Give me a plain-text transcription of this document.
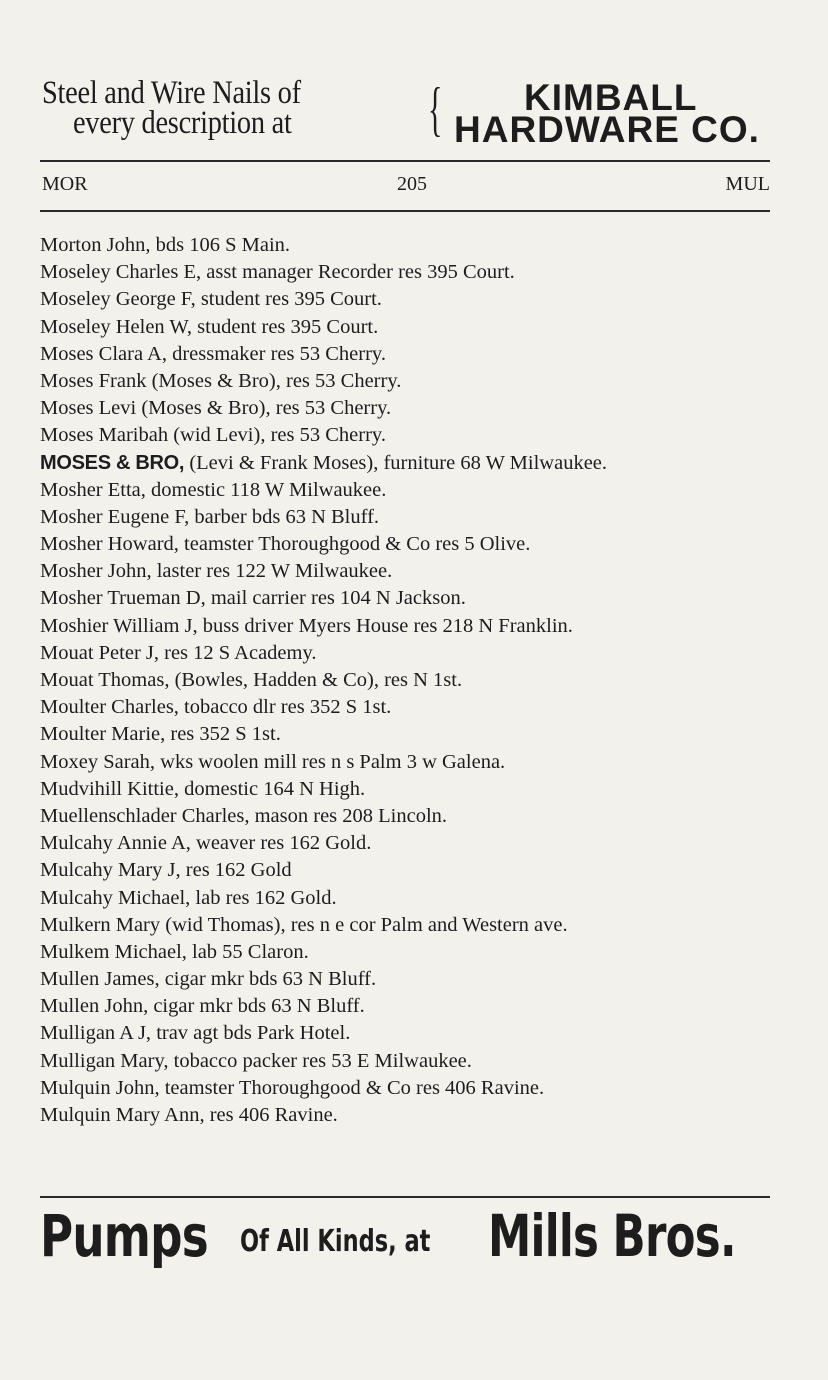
Steel and Wire Nails of
every description at {	KIMBALL
HARDWARE CO.
MOR	205	MUL
Morton John, bds 106 S Main.
Moseley Charles E, asst manager Recorder res 395 Court.
Moseley George F, student res 395 Court.
Moseley Helen W, student res 395 Court.
Moses Clara A, dressmaker res 53 Cherry.
Moses Frank (Moses & Bro), res 53 Cherry.
Moses Levi (Moses & Bro), res 53 Cherry.
Moses Maribah (wid Levi), res 53 Cherry.
MOSES & BRO, (Levi & Frank Moses), furniture 68 W Milwaukee.
Mosher Etta, domestic 118 W Milwaukee.
Mosher Eugene F, barber bds 63 N Bluff.
Mosher Howard, teamster Thoroughgood & Co res 5 Olive.
Mosher John, laster res 122 W Milwaukee.
Mosher Trueman D, mail carrier res 104 N Jackson.
Moshier William J, buss driver Myers House res 218 N Franklin.
Mouat Peter J, res 12 S Academy.
Mouat Thomas, (Bowles, Hadden & Co), res N 1st.
Moulter Charles, tobacco dlr res 352 S 1st.
Moulter Marie, res 352 S 1st.
Moxey Sarah, wks woolen mill res n s Palm 3 w Galena.
Mudvihill Kittie, domestic 164 N High.
Muellenschlader Charles, mason res 208 Lincoln.
Mulcahy Annie A, weaver res 162 Gold.
Mulcahy Mary J, res 162 Gold
Mulcahy Michael, lab res 162 Gold.
Mulkern Mary (wid Thomas), res n e cor Palm and Western ave.
Mulkem Michael, lab 55 Claron.
Mullen James, cigar mkr bds 63 N Bluff.
Mullen John, cigar mkr bds 63 N Bluff.
Mulligan A J, trav agt bds Park Hotel.
Mulligan Mary, tobacco packer res 53 E Milwaukee.
Mulquin John, teamster Thoroughgood & Co res 406 Ravine.
Mulquin Mary Ann, res 406 Ravine.
Pumps Of All Kinds, at Mills Bros.
